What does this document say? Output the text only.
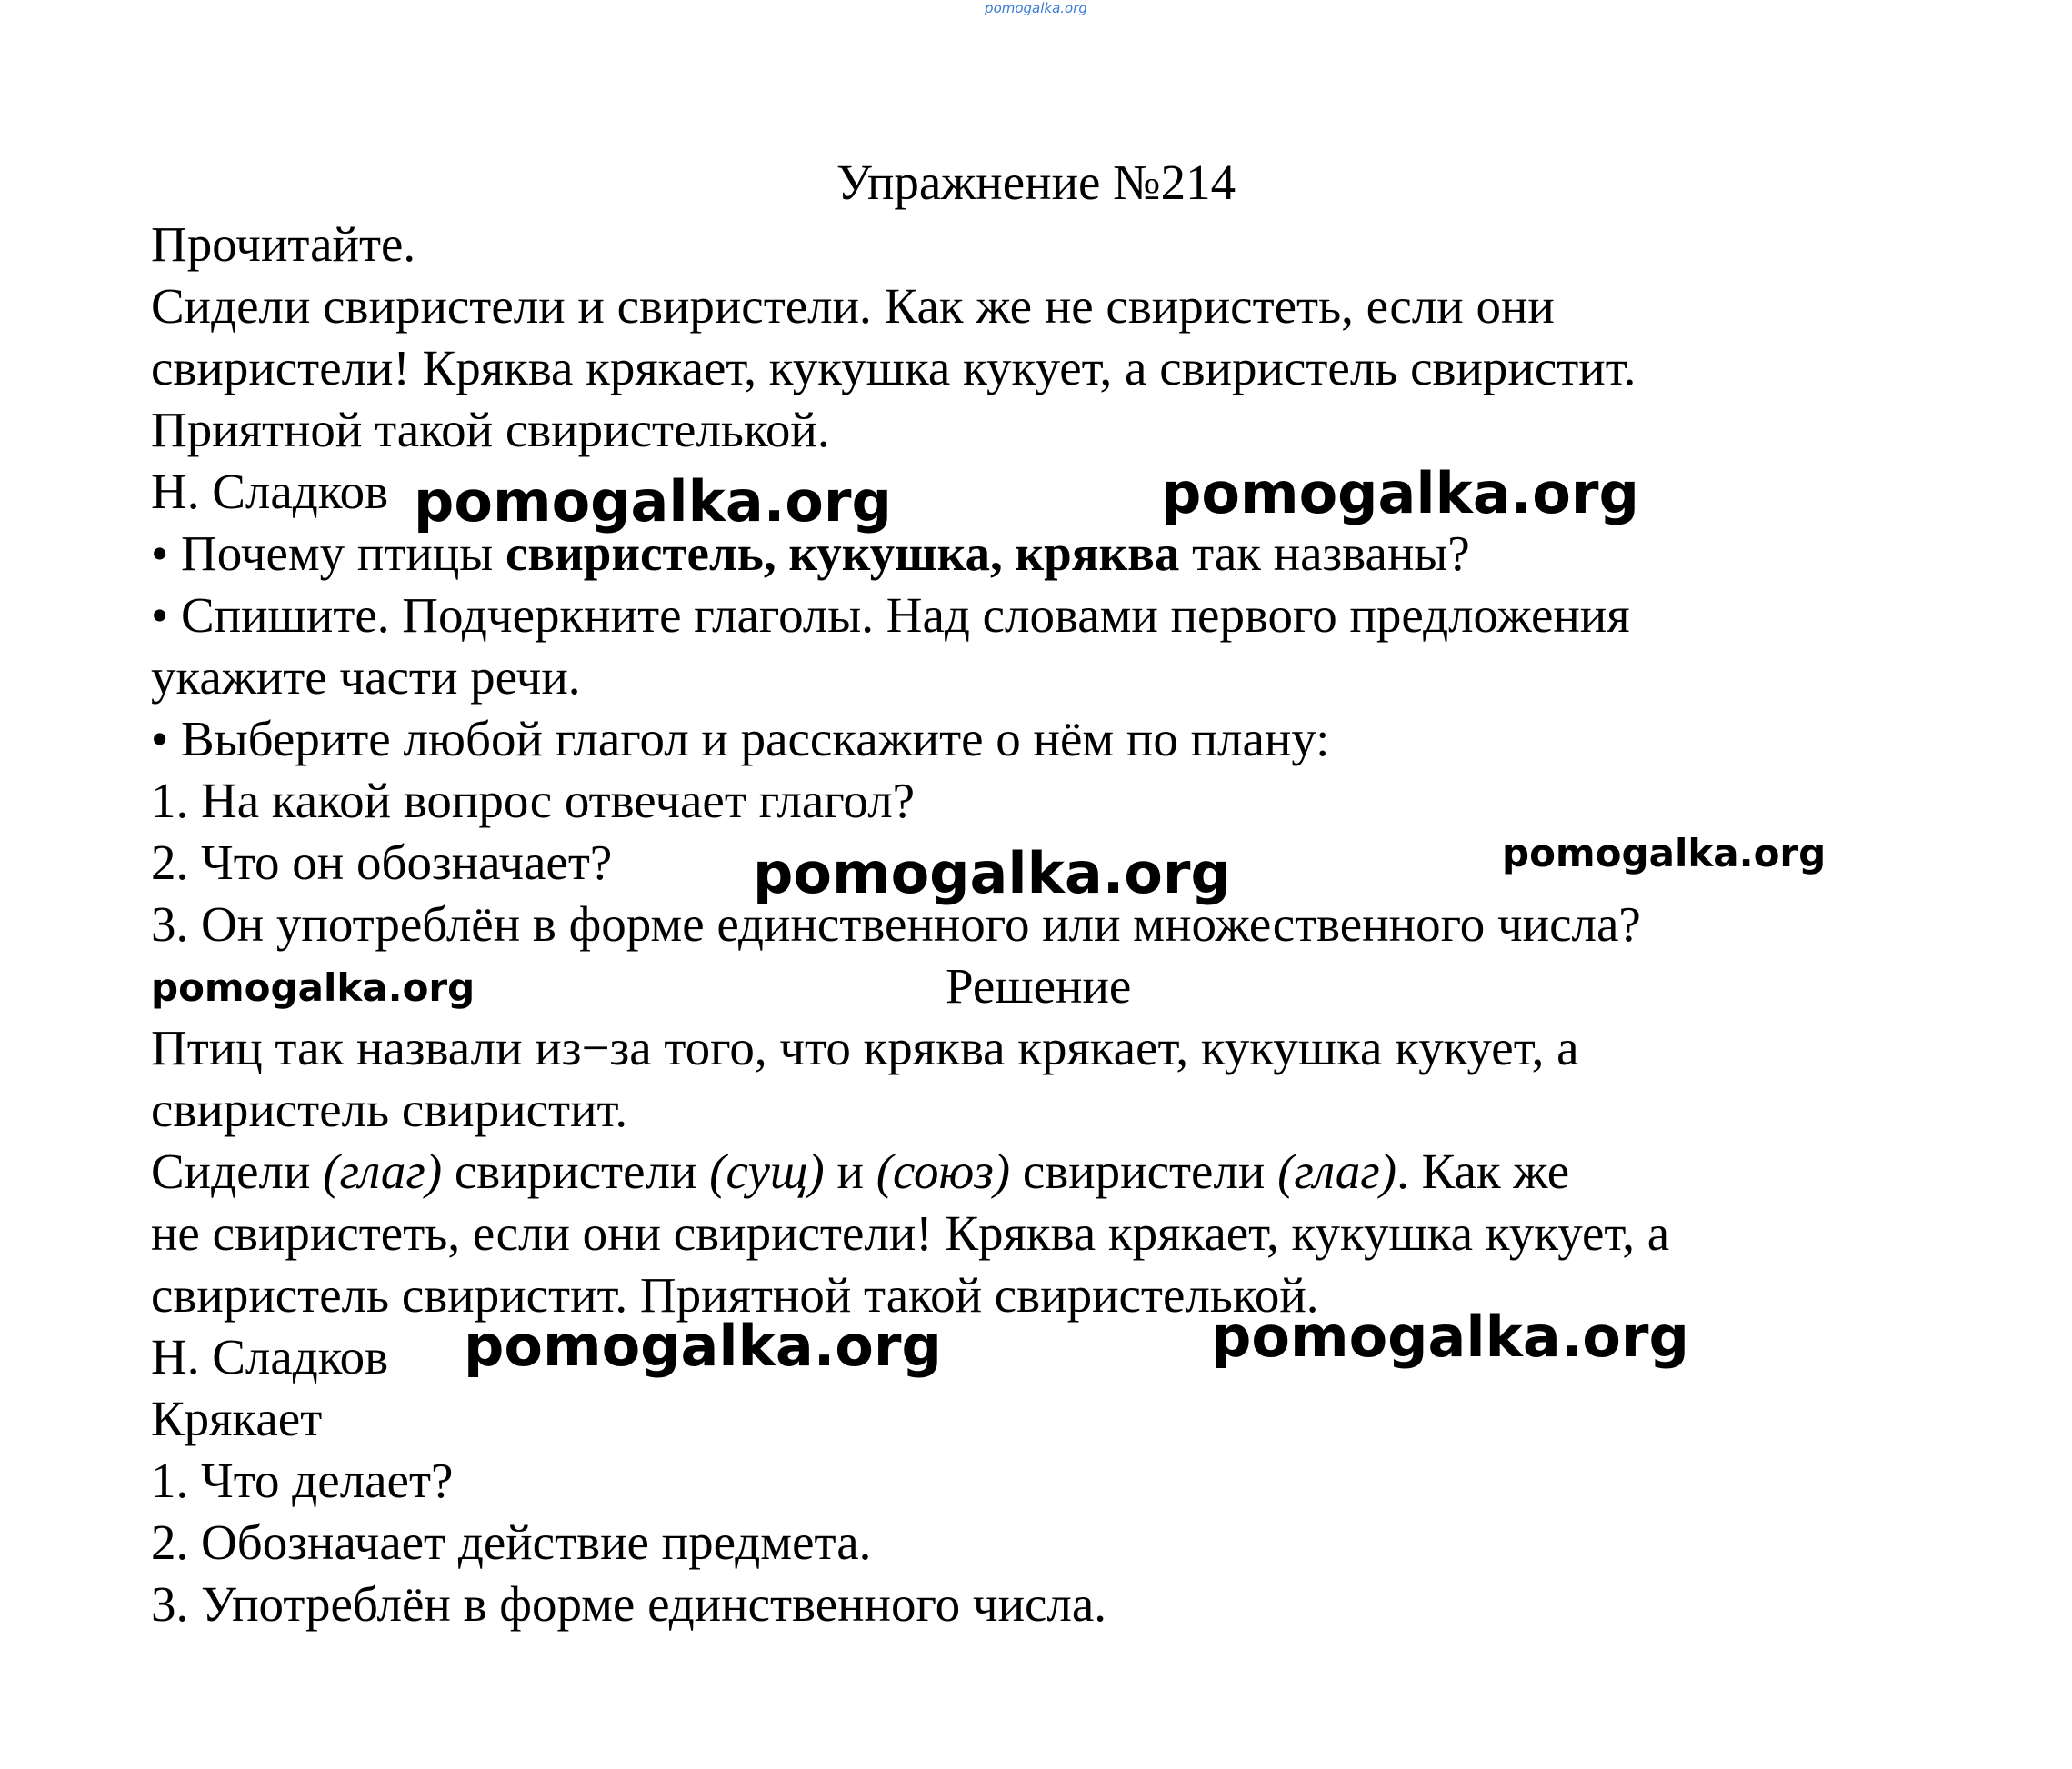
pomogalka.org
Упражнение №214
Прочитайте.
Сидели свиристели и свиристели. Как же не свиристеть, если они
свиристели! Кряква крякает, кукушка кукует, а свиристель свиристит.
Приятной такой свиристелькой.
Н. Сладков
• Почему птицы свиристель, кукушка, кряква так названы?
• Спишите. Подчеркните глаголы. Над словами первого предложения
укажите части речи.
• Выберите любой глагол и расскажите о нём по плану:
1. На какой вопрос отвечает глагол?
2. Что он обозначает?
3. Он употреблён в форме единственного или множественного числа?
Решение
Птиц так назвали из−за того, что кряква крякает, кукушка кукует, а
свиристель свиристит.
Сидели (глаг) свиристели (сущ) и (союз) свиристели (глаг). Как же
не свиристеть, если они свиристели! Кряква крякает, кукушка кукует, а
свиристель свиристит. Приятной такой свиристелькой.
Н. Сладков
Крякает
1. Что делает?
2. Обозначает действие предмета.
3. Употреблён в форме единственного числа.
pomogalka.org	pomogalka.org
pomogalka.org	pomogalka.org
pomogalka.org
pomogalka.org	pomogalka.org
